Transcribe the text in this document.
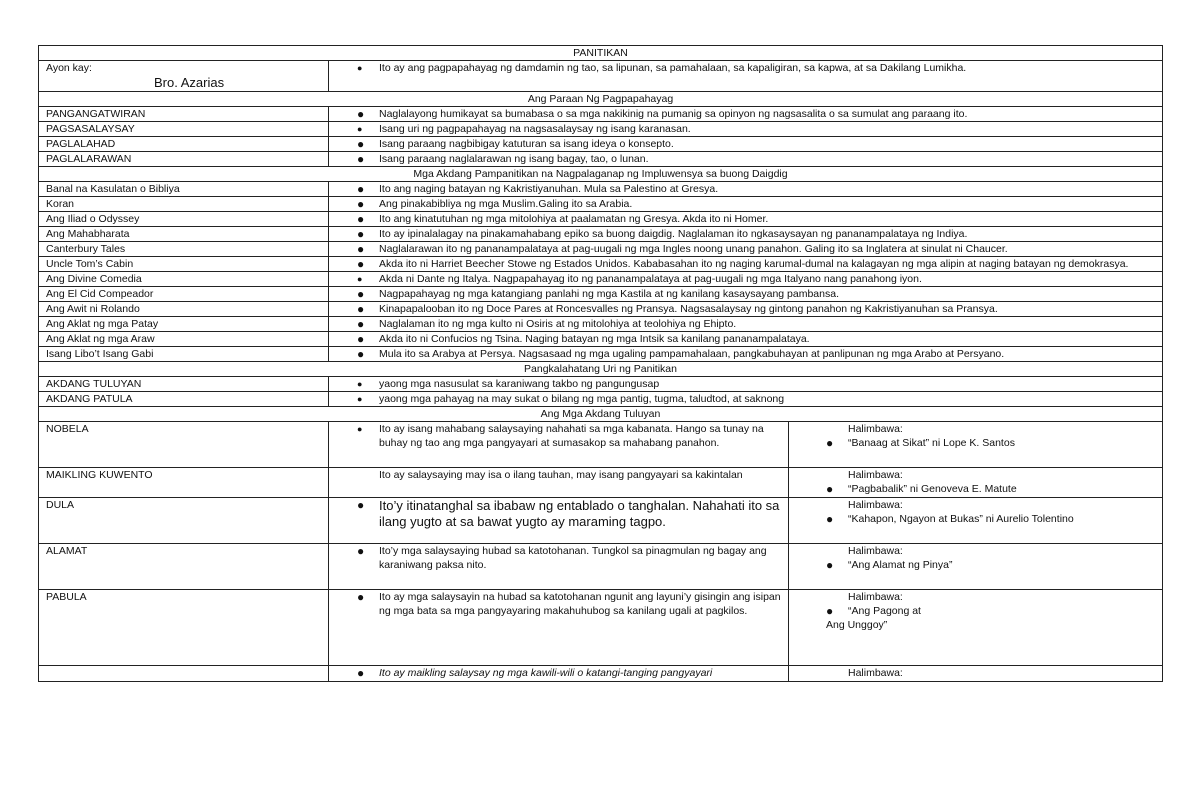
PANITIKAN		
Ayon kay:
Bro. Azarias	● Ito ay ang pagpapahayag ng damdamin ng tao, sa lipunan, sa pamahalaan, sa kapaligiran, sa kapwa, at sa Dakilang Lumikha.	
Ang Paraan Ng Pagpapahayag		
PANGANGATWIRAN	● Naglalayong humikayat sa bumabasa o sa mga nakikinig na pumanig sa opinyon ng nagsasalita o sa sumulat ang paraang ito.	
PAGSASALAYSAY	● Isang uri ng pagpapahayag na nagsasalaysay ng isang karanasan.	
PAGLALAHAD	● Isang paraang nagbibigay katuturan sa isang ideya o konsepto.	
PAGLALARAWAN	● Isang paraang naglalarawan ng isang bagay, tao, o lunan.	
Mga Akdang Pampanitikan na Nagpalaganap ng Impluwensya sa buong Daigdig		
Banal na Kasulatan o Bibliya	● Ito ang naging batayan ng Kakristiyanuhan. Mula sa Palestino at Gresya.	
Koran	● Ang pinakabibliya ng mga Muslim.Galing ito sa Arabia.	
Ang Iliad o Odyssey	● Ito ang kinatutuhan ng mga mitolohiya at paalamatan ng Gresya. Akda ito ni Homer.	
Ang Mahabharata	● Ito ay ipinalalagay na pinakamahabang epiko sa buong daigdig. Naglalaman ito ngkasaysayan ng pananampalataya ng Indiya.	
Canterbury Tales	● Naglalarawan ito ng pananampalataya at pag-uugali ng mga Ingles noong unang panahon. Galing ito sa Inglatera at sinulat ni Chaucer.	
Uncle Tom’s Cabin	● Akda ito ni Harriet Beecher Stowe ng Estados Unidos. Kababasahan ito ng naging karumal-dumal na kalagayan ng mga alipin at naging batayan ng demokrasya.	
Ang Divine Comedia	● Akda ni Dante ng Italya. Nagpapahayag ito ng pananampalataya at pag-uugali ng mga Italyano nang panahong iyon.	
Ang El Cid Compeador	● Nagpapahayag ng mga katangiang panlahi ng mga Kastila at ng kanilang kasaysayang pambansa.	
Ang Awit ni Rolando	● Kinapapalooban ito ng Doce Pares at Roncesvalles ng Pransya. Nagsasalaysay ng gintong panahon ng Kakristiyanuhan sa Pransya.	
Ang Aklat ng mga Patay	● Naglalaman ito ng mga kulto ni Osiris at ng mitolohiya at teolohiya ng Ehipto.	
Ang Aklat ng mga Araw	● Akda ito ni Confucios ng Tsina. Naging batayan ng mga Intsik sa kanilang pananampalataya.	
Isang Libo’t Isang Gabi	● Mula ito sa Arabya at Persya. Nagsasaad ng mga ugaling pampamahalaan, pangkabuhayan at panlipunan ng mga Arabo at Persyano.	
Pangkalahatang Uri ng Panitikan		
AKDANG TULUYAN	● yaong mga nasusulat sa karaniwang takbo ng pangungusap	
AKDANG PATULA	● yaong mga pahayag na may sukat o bilang ng mga pantig, tugma, taludtod, at saknong	
Ang Mga Akdang Tuluyan		
NOBELA	● Ito ay isang mahabang salaysaying nahahati sa mga kabanata. Hango sa tunay na buhay ng tao ang mga pangyayari at sumasakop sa mahabang panahon.	Halimbawa:
● “Banaag at Sikat” ni Lope K. Santos

MAIKLING KUWENTO	Ito ay salaysaying may isa o ilang tauhan, may isang pangyayari sa kakintalan	Halimbawa:
● “Pagbabalik” ni Genoveva E. Matute

DULA	● Ito’y itinatanghal sa ibabaw ng entablado o tanghalan. Nahahati ito sa ilang yugto at sa bawat yugto ay maraming tagpo.	Halimbawa:
● “Kahapon, Ngayon at Bukas” ni Aurelio Tolentino

ALAMAT	● Ito’y mga salaysaying hubad sa katotohanan. Tungkol sa pinagmulan ng bagay ang karaniwang paksa nito.	Halimbawa:
● “Ang Alamat ng Pinya”

PABULA	● Ito ay mga salaysayin na hubad sa katotohanan ngunit ang layuni’y gisingin ang isipan ng mga bata sa mga pangyayaring makahuhubog sa kanilang ugali at pagkilos.	Halimbawa:
● “Ang Pagong at
Ang Unggoy”

	● Ito ay maikling salaysay ng mga kawili-wili o katangi-tanging pangyayari	Halimbawa:
